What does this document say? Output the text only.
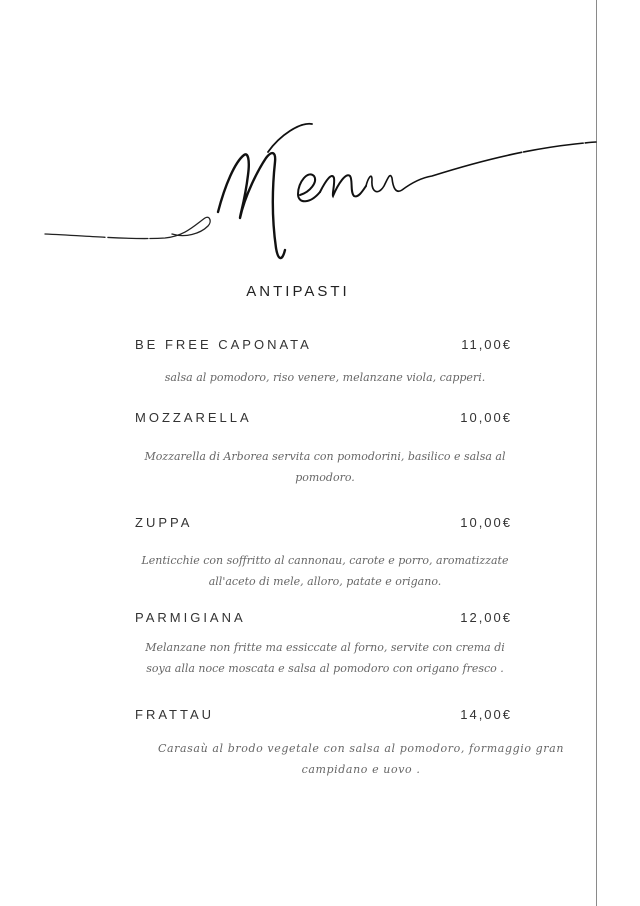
ANTIPASTI
BE FREE CAPONATA	11,00€
salsa al pomodoro, riso venere, melanzane viola, capperi.
MOZZARELLA	10,00€
Mozzarella di Arborea servita con pomodorini, basilico e salsa al
pomodoro.
ZUPPA	10,00€
Lenticchie con soffritto al cannonau, carote e porro, aromatizzate
all'aceto di mele, alloro, patate e origano.
PARMIGIANA	12,00€
Melanzane non fritte ma essiccate al forno, servite con crema di
soya alla noce moscata e salsa al pomodoro con origano fresco .
FRATTAU	14,00€
Carasaù al brodo vegetale con salsa al pomodoro, formaggio gran
campidano e uovo .
